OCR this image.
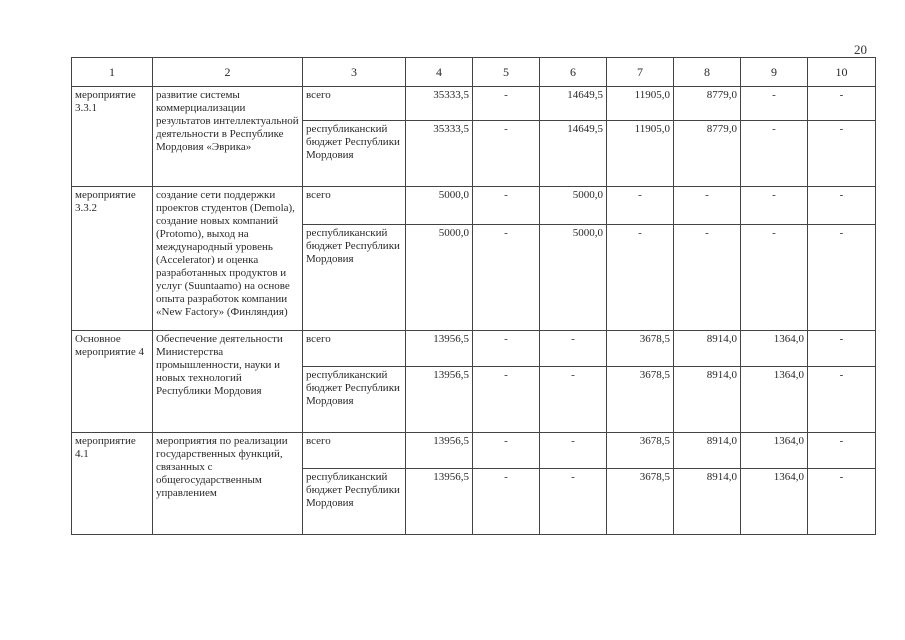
20
1	2	3	4	5	6	7	8	9	10
мероприятие 3.3.1	развитие системы коммерциализации результатов интеллектуальной деятельности в Республике Мордовия «Эврика»	всего	35333,5	-	14649,5	11905,0	8779,0	-	-
		республиканский бюджет Республики Мордовия	35333,5	-	14649,5	11905,0	8779,0	-	-
мероприятие 3.3.2	создание сети поддержки проектов студентов (Demola), создание новых компаний (Protomo), выход на международный уровень (Accelerator) и оценка разработанных продуктов и услуг (Suuntaamo) на основе опыта разработок компании «New Factory» (Финляндия)	всего	5000,0	-	5000,0	-	-	-	-
		республиканский бюджет Республики Мордовия	5000,0	-	5000,0	-	-	-	-
Основное мероприятие 4	Обеспечение деятельности Министерства промышленности, науки и новых технологий Республики Мордовия	всего	13956,5	-	-	3678,5	8914,0	1364,0	-
		республиканский бюджет Республики Мордовия	13956,5	-	-	3678,5	8914,0	1364,0	-
мероприятие 4.1	мероприятия по реализации государственных функций, связанных с общегосударственным управлением	всего	13956,5	-	-	3678,5	8914,0	1364,0	-
		республиканский бюджет Республики Мордовия	13956,5	-	-	3678,5	8914,0	1364,0	-
